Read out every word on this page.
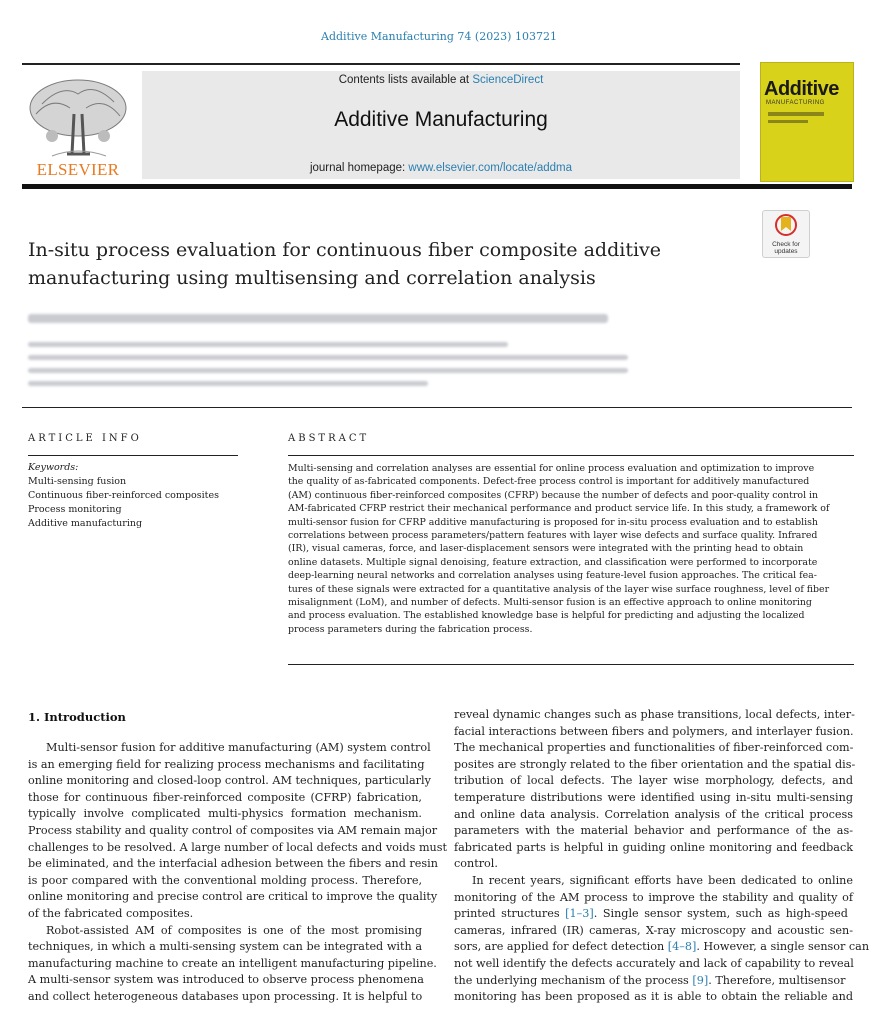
Additive Manufacturing 74 (2023) 103721
ELSEVIER
Contents lists available at ScienceDirect
Additive Manufacturing
journal homepage: www.elsevier.com/locate/addma
Additive
MANUFACTURING
Check for
updates
In-situ process evaluation for continuous fiber composite additive
manufacturing using multisensing and correlation analysis
ARTICLE INFO
Keywords:
Multi-sensing fusion
Continuous fiber-reinforced composites
Process monitoring
Additive manufacturing
ABSTRACT
Multi-sensing and correlation analyses are essential for online process evaluation and optimization to improve
the quality of as-fabricated components. Defect-free process control is important for additively manufactured
(AM) continuous fiber-reinforced composites (CFRP) because the number of defects and poor-quality control in
AM-fabricated CFRP restrict their mechanical performance and product service life. In this study, a framework of
multi-sensor fusion for CFRP additive manufacturing is proposed for in-situ process evaluation and to establish
correlations between process parameters/pattern features with layer wise defects and surface quality. Infrared
(IR), visual cameras, force, and laser-displacement sensors were integrated with the printing head to obtain
online datasets. Multiple signal denoising, feature extraction, and classification were performed to incorporate
deep-learning neural networks and correlation analyses using feature-level fusion approaches. The critical fea-
tures of these signals were extracted for a quantitative analysis of the layer wise surface roughness, level of fiber
misalignment (LoM), and number of defects. Multi-sensor fusion is an effective approach to online monitoring
and process evaluation. The established knowledge base is helpful for predicting and adjusting the localized
process parameters during the fabrication process.
1. Introduction
Multi-sensor fusion for additive manufacturing (AM) system control
is an emerging field for realizing process mechanisms and facilitating
online monitoring and closed-loop control. AM techniques, particularly
those for continuous fiber-reinforced composite (CFRP) fabrication,
typically involve complicated multi-physics formation mechanism.
Process stability and quality control of composites via AM remain major
challenges to be resolved. A large number of local defects and voids must
be eliminated, and the interfacial adhesion between the fibers and resin
is poor compared with the conventional molding process. Therefore,
online monitoring and precise control are critical to improve the quality
of the fabricated composites.
Robot-assisted AM of composites is one of the most promising
techniques, in which a multi-sensing system can be integrated with a
manufacturing machine to create an intelligent manufacturing pipeline.
A multi-sensor system was introduced to observe process phenomena
and collect heterogeneous databases upon processing. It is helpful to
reveal dynamic changes such as phase transitions, local defects, inter-
facial interactions between fibers and polymers, and interlayer fusion.
The mechanical properties and functionalities of fiber-reinforced com-
posites are strongly related to the fiber orientation and the spatial dis-
tribution of local defects. The layer wise morphology, defects, and
temperature distributions were identified using in-situ multi-sensing
and online data analysis. Correlation analysis of the critical process
parameters with the material behavior and performance of the as-
fabricated parts is helpful in guiding online monitoring and feedback
control.
In recent years, significant efforts have been dedicated to online
monitoring of the AM process to improve the stability and quality of
printed structures [1–3]. Single sensor system, such as high-speed
cameras, infrared (IR) cameras, X-ray microscopy and acoustic sen-
sors, are applied for defect detection [4–8]. However, a single sensor can
not well identify the defects accurately and lack of capability to reveal
the underlying mechanism of the process [9]. Therefore, multisensor
monitoring has been proposed as it is able to obtain the reliable and
